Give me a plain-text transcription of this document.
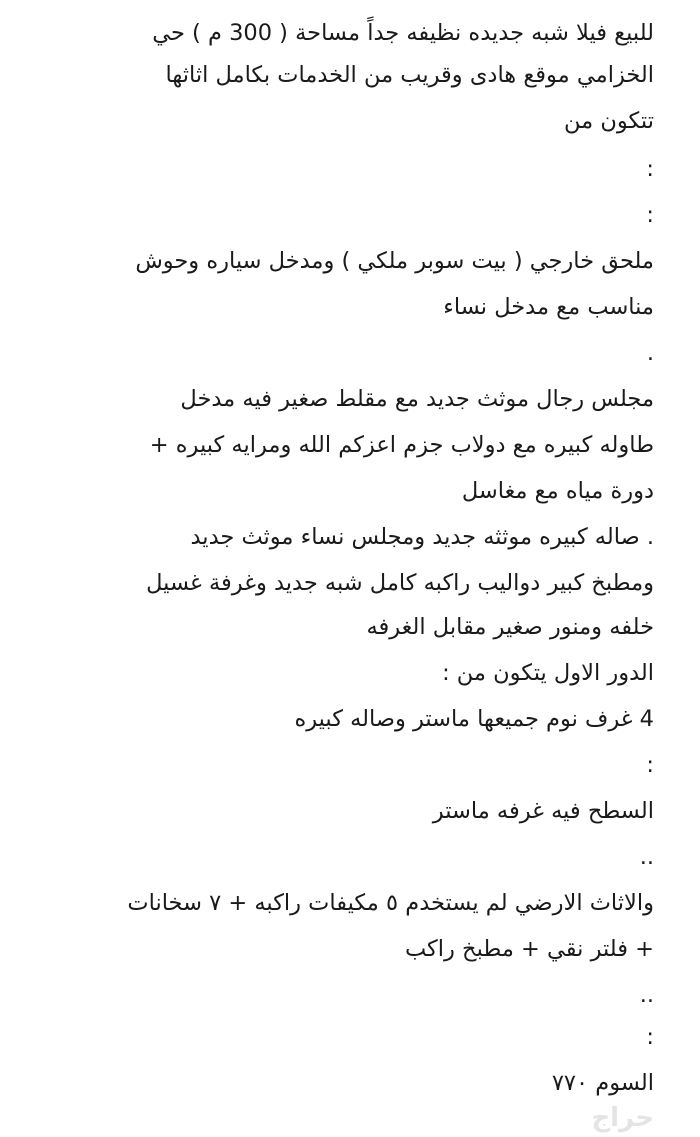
للبيع فيلا شبه جديده نظيفه جداً مساحة ( 300 م ) حي
الخزامي موقع هادى وقريب من الخدمات بكامل اثاثها
تتكون من
:
:
ملحق خارجي ( بيت سوبر ملكي ) ومدخل سياره وحوش
مناسب مع مدخل نساء
.
مجلس رجال موثث جديد مع مقلط صغير فيه مدخل
طاوله كبيره مع دولاب جزم اعزكم الله ومرايه كبيره +
دورة مياه مع مغاسل
. صاله كبيره موثثه جديد ومجلس نساء موثث جديد
ومطبخ كبير دواليب راكبه كامل شبه جديد وغرفة غسيل
خلفه ومنور صغير مقابل الغرفه
الدور الاول يتكون من :
4 غرف نوم جميعها ماستر وصاله كبيره
:
السطح فيه غرفه ماستر
..
والاثاث الارضي لم يستخدم ٥ مكيفات راكبه + ٧ سخانات
+ فلتر نقي + مطبخ راكب
..
:
السوم ٧٧٠
حراج
